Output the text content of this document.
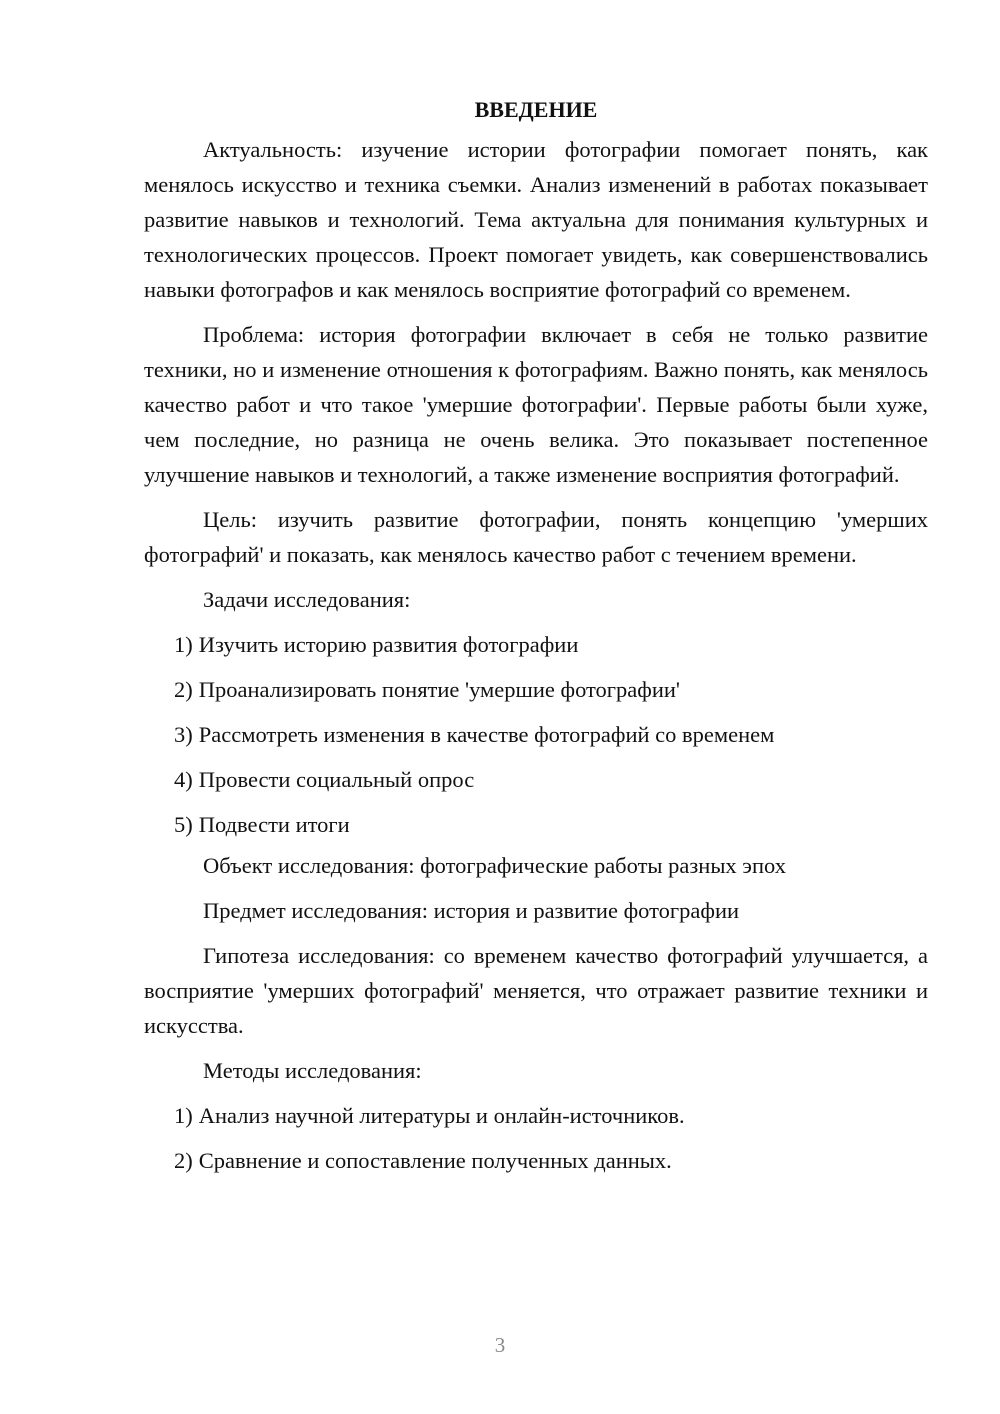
ВВЕДЕНИЕ

Актуальность: изучение истории фотографии помогает понять, как менялось искусство и техника съемки. Анализ изменений в работах показывает развитие навыков и технологий. Тема актуальна для понимания культурных и технологических процессов. Проект помогает увидеть, как совершенствовались навыки фотографов и как менялось восприятие фотографий со временем.

Проблема: история фотографии включает в себя не только развитие техники, но и изменение отношения к фотографиям. Важно понять, как менялось качество работ и что такое 'умершие фотографии'. Первые работы были хуже, чем последние, но разница не очень велика. Это показывает постепенное улучшение навыков и технологий, а также изменение восприятия фотографий.

Цель: изучить развитие фотографии, понять концепцию 'умерших фотографий' и показать, как менялось качество работ с течением времени.

Задачи исследования:

1) Изучить историю развития фотографии
2) Проанализировать понятие 'умершие фотографии'
3) Рассмотреть изменения в качестве фотографий со временем
4) Провести социальный опрос
5) Подвести итоги

Объект исследования: фотографические работы разных эпох

Предмет исследования: история и развитие фотографии

Гипотеза исследования: со временем качество фотографий улучшается, а восприятие 'умерших фотографий' меняется, что отражает развитие техники и искусства.

Методы исследования:

1) Анализ научной литературы и онлайн-источников.
2) Сравнение и сопоставление полученных данных.
3
